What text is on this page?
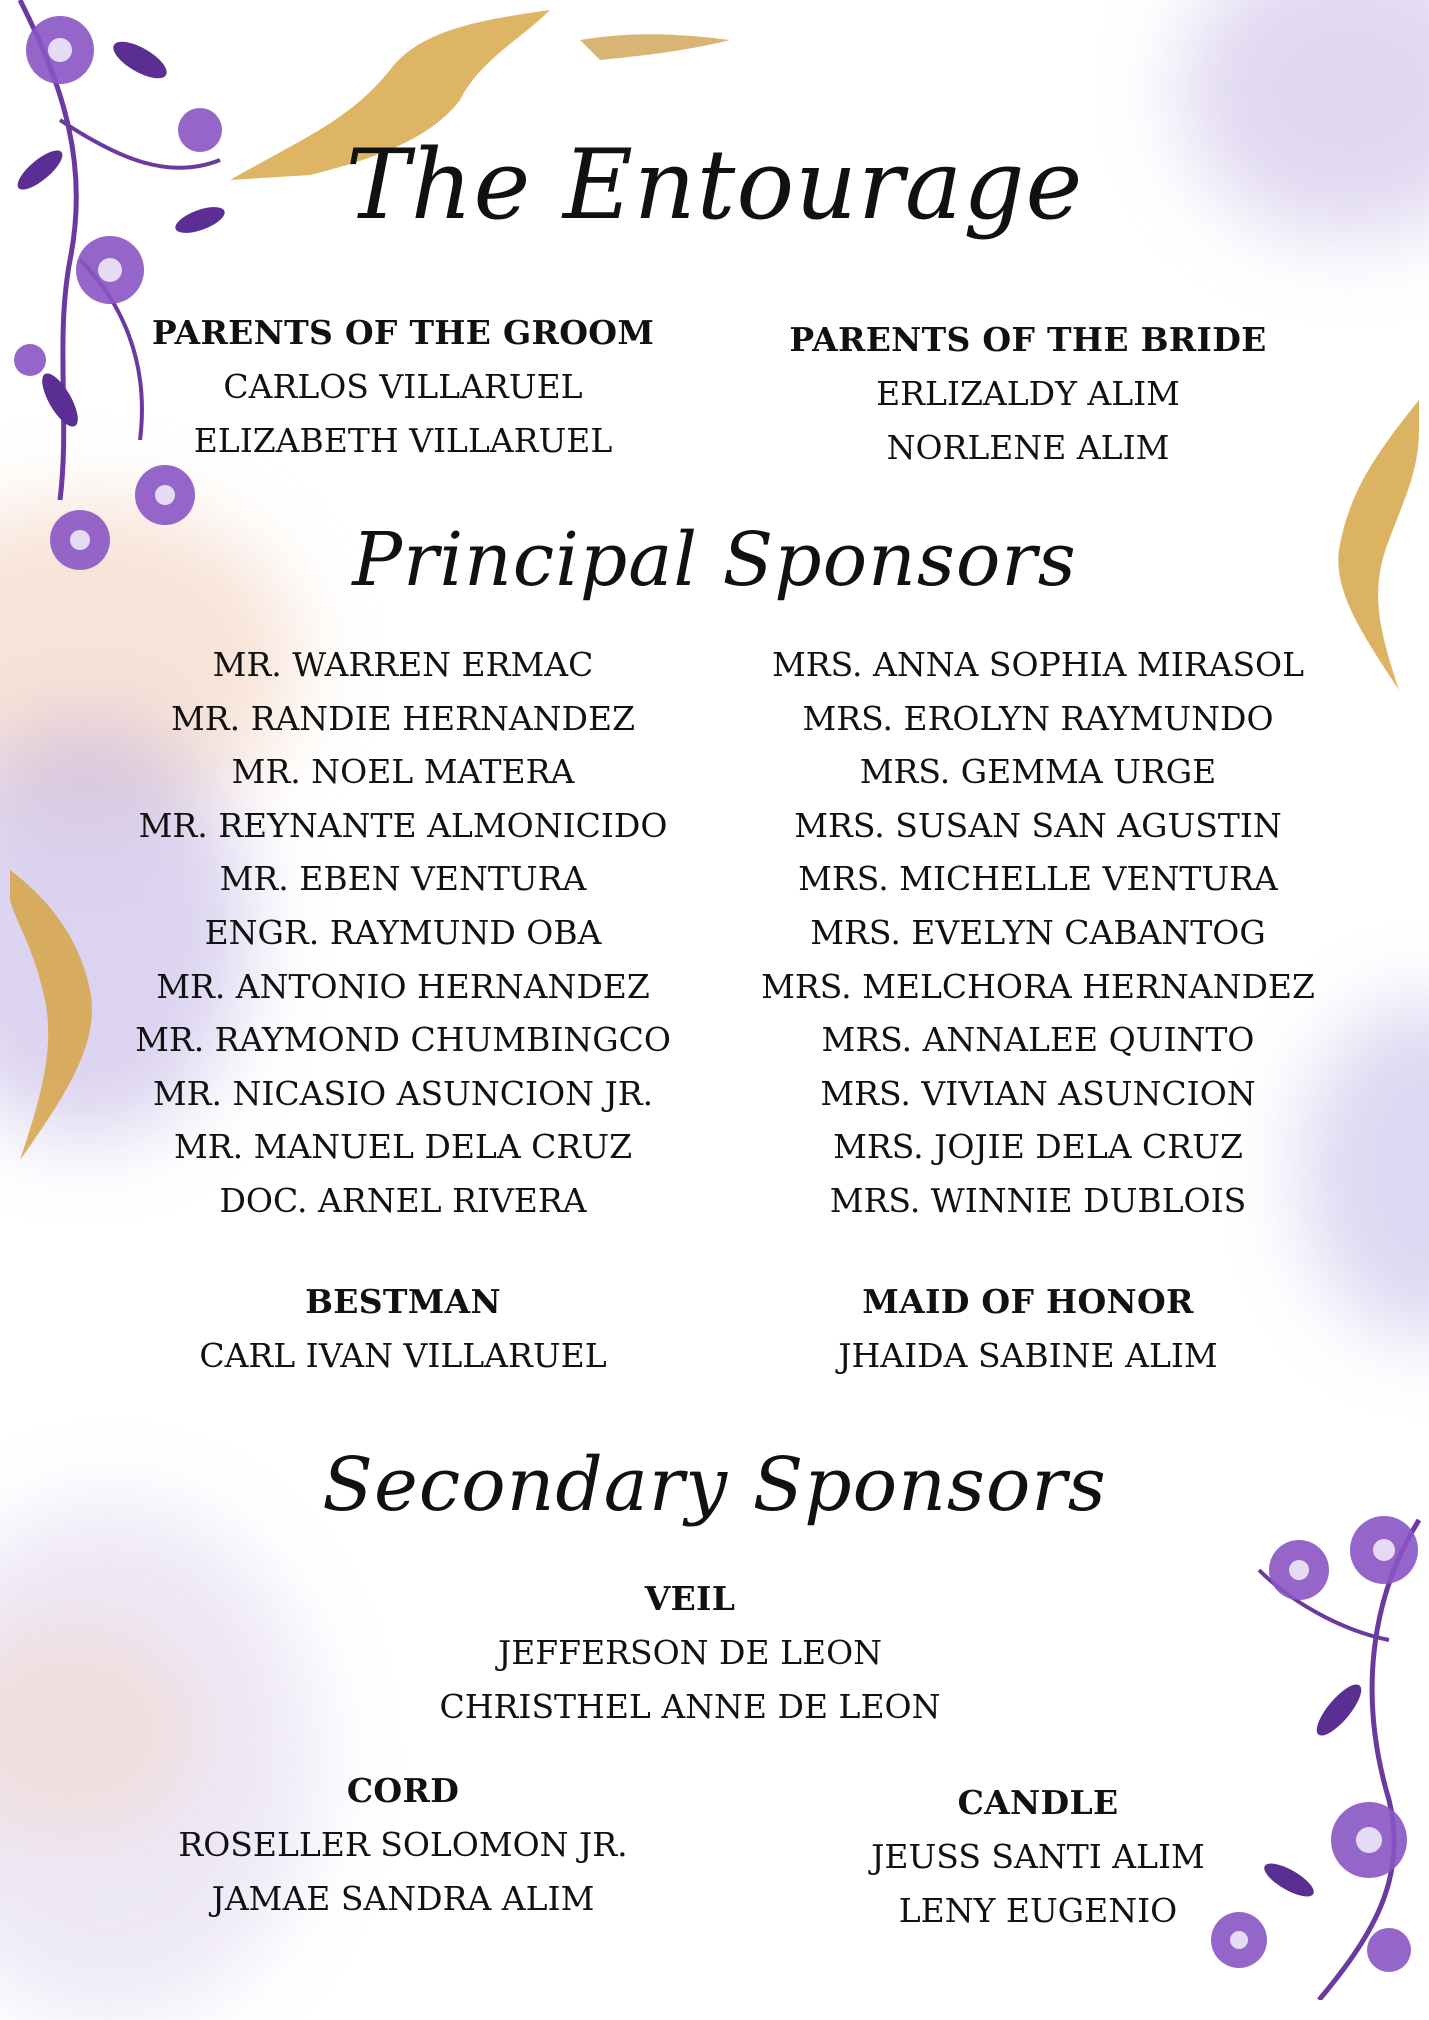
The Entourage
PARENTS OF THE GROOM
CARLOS VILLARUEL
ELIZABETH VILLARUEL
PARENTS OF THE BRIDE
ERLIZALDY ALIM
NORLENE ALIM
Principal Sponsors
MR. WARREN ERMAC
MR. RANDIE HERNANDEZ
MR. NOEL MATERA
MR. REYNANTE ALMONICIDO
MR. EBEN VENTURA
ENGR. RAYMUND OBA
MR. ANTONIO HERNANDEZ
MR. RAYMOND CHUMBINGCO
MR. NICASIO ASUNCION JR.
MR. MANUEL DELA CRUZ
DOC. ARNEL RIVERA
MRS. ANNA SOPHIA MIRASOL
MRS. EROLYN RAYMUNDO
MRS. GEMMA URGE
MRS. SUSAN SAN AGUSTIN
MRS. MICHELLE VENTURA
MRS. EVELYN CABANTOG
MRS. MELCHORA HERNANDEZ
MRS. ANNALEE QUINTO
MRS. VIVIAN ASUNCION
MRS. JOJIE DELA CRUZ
MRS. WINNIE DUBLOIS
BESTMAN
CARL IVAN VILLARUEL
MAID OF HONOR
JHAIDA SABINE ALIM
Secondary Sponsors
VEIL
JEFFERSON DE LEON
CHRISTHEL ANNE DE LEON
CORD
ROSELLER SOLOMON JR.
JAMAE SANDRA ALIM
CANDLE
JEUSS SANTI ALIM
LENY EUGENIO
